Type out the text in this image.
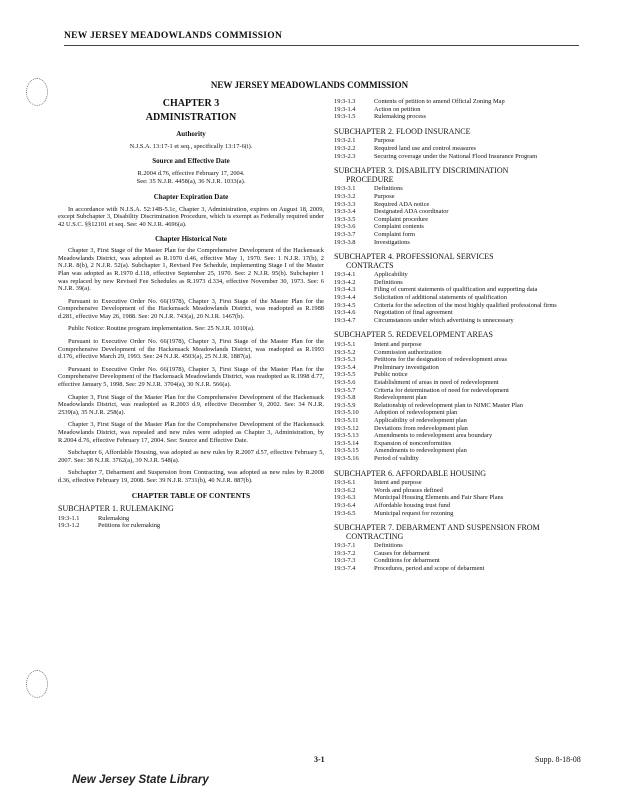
NEW JERSEY MEADOWLANDS COMMISSION
NEW JERSEY MEADOWLANDS COMMISSION
CHAPTER 3
ADMINISTRATION
Authority

N.J.S.A. 13:17-1 et seq., specifically 13:17-6(i).

Source and Effective Date

R.2004 d.76, effective February 17, 2004.

See: 35 N.J.R. 4458(a), 36 N.J.R. 1033(a).

Chapter Expiration Date

In accordance with N.J.S.A. 52:14B-5.1c, Chapter 3, Administration, expires on August 18, 2009, except Subchapter 3, Disability Discrimination Procedure, which is exempt as Federally required under 42 U.S.C. §§12101 et seq. See: 40 N.J.R. 4696(a).

Chapter Historical Note

Chapter 3, First Stage of the Master Plan for the Comprehensive Development of the Hackensack Meadowlands District, was adopted as R.1970 d.46, effective May 1, 1970. See: 1 N.J.R. 17(b), 2 N.J.R. 8(b), 2 N.J.R. 52(a). Subchapter 1, Revised Fee Schedule, implementing Stage I of the Master Plan was adopted as R.1970 d.118, effective September 25, 1970. See: 2 N.J.R. 95(b). Subchapter 1 was replaced by new Revised Fee Schedules as R.1973 d.334, effective November 30, 1973. See: 6 N.J.R. 39(a).

Pursuant to Executive Order No. 66(1978), Chapter 3, First Stage of the Master Plan for the Comprehensive Development of the Hackensack Meadowlands District, was readopted as R.1988 d.281, effective May 26, 1988. See: 20 N.J.R. 743(a), 20 N.J.R. 1467(b).

Public Notice: Routine program implementation. See: 25 N.J.R. 1010(a).

Pursuant to Executive Order No. 66(1978), Chapter 3, First Stage of the Master Plan for the Comprehensive Development of the Hackensack Meadowlands District, was readopted as R.1993 d.176, effective March 29, 1993. See: 24 N.J.R. 4503(a), 25 N.J.R. 1887(a).

Pursuant to Executive Order No. 66(1978), Chapter 3, First Stage of the Master Plan for the Comprehensive Development of the Hackensack Meadowlands District, was readopted as R.1998 d.77, effective January 5, 1998. See: 29 N.J.R. 3704(a), 30 N.J.R. 566(a).

Chapter 3, First Stage of the Master Plan for the Comprehensive Development of the Hackensack Meadowlands District, was readopted as R.2003 d.9, effective December 9, 2002. See: 34 N.J.R. 2539(a), 35 N.J.R. 258(a).

Chapter 3, First Stage of the Master Plan for the Comprehensive Development of the Hackensack Meadowlands District, was repealed and new rules were adopted as Chapter 3, Administration, by R.2004 d.76, effective February 17, 2004. See: Source and Effective Date.

Subchapter 6, Affordable Housing, was adopted as new rules by R.2007 d.57, effective February 5, 2007. See: 38 N.J.R. 3762(a), 39 N.J.R. 548(a).

Subchapter 7, Debarment and Suspension from Contracting, was adopted as new rules by R.2008 d.36, effective February 19, 2008. See: 39 N.J.R. 3731(b), 40 N.J.R. 887(b).

CHAPTER TABLE OF CONTENTS
SUBCHAPTER 1. RULEMAKING
19:3-1.1	Rulemaking
19:3-1.2	Petitions for rulemaking
19:3-1.3	Contents of petition to amend Official Zoning Map
19:3-1.4	Action on petition
19:3-1.5	Rulemaking process
SUBCHAPTER 2. FLOOD INSURANCE
19:3-2.1	Purpose
19:3-2.2	Required land use and control measures
19:3-2.3	Securing coverage under the National Flood Insurance Program
SUBCHAPTER 3. DISABILITY DISCRIMINATION
PROCEDURE
19:3-3.1	Definitions
19:3-3.2	Purpose
19:3-3.3	Required ADA notice
19:3-3.4	Designated ADA coordinator
19:3-3.5	Complaint procedure
19:3-3.6	Complaint contents
19:3-3.7	Complaint form
19:3-3.8	Investigations
SUBCHAPTER 4. PROFESSIONAL SERVICES
CONTRACTS
19:3-4.1	Applicability
19:3-4.2	Definitions
19:3-4.3	Filing of current statements of qualification and supporting data
19:3-4.4	Solicitation of additional statements of qualification
19:3-4.5	Criteria for the selection of the most highly qualified professional firms
19:3-4.6	Negotiation of final agreement
19:3-4.7	Circumstances under which advertising is unnecessary
SUBCHAPTER 5. REDEVELOPMENT AREAS
19:3-5.1	Intent and purpose
19:3-5.2	Commission authorization
19:3-5.3	Petitions for the designation of redevelopment areas
19:3-5.4	Preliminary investigation
19:3-5.5	Public notice
19:3-5.6	Establishment of areas in need of redevelopment
19:3-5.7	Criteria for determination of need for redevelopment
19:3-5.8	Redevelopment plan
19:3-5.9	Relationship of redevelopment plan to NJMC Master Plan
19:3-5.10	Adoption of redevelopment plan
19:3-5.11	Applicability of redevelopment plan
19:3-5.12	Deviations from redevelopment plan
19:3-5.13	Amendments to redevelopment area boundary
19:3-5.14	Expansion of nonconformities
19:3-5.15	Amendments to redevelopment plan
19:3-5.16	Period of validity
SUBCHAPTER 6. AFFORDABLE HOUSING
19:3-6.1	Intent and purpose
19:3-6.2	Words and phrases defined
19:3-6.3	Municipal Housing Elements and Fair Share Plans
19:3-6.4	Affordable housing trust fund
19:3-6.5	Municipal request for rezoning
SUBCHAPTER 7. DEBARMENT AND SUSPENSION FROM
CONTRACTING
19:3-7.1	Definitions
19:3-7.2	Causes for debarment
19:3-7.3	Conditions for debarment
19:3-7.4	Procedures, period and scope of debarment
3-1	Supp. 8-18-08
New Jersey State Library
